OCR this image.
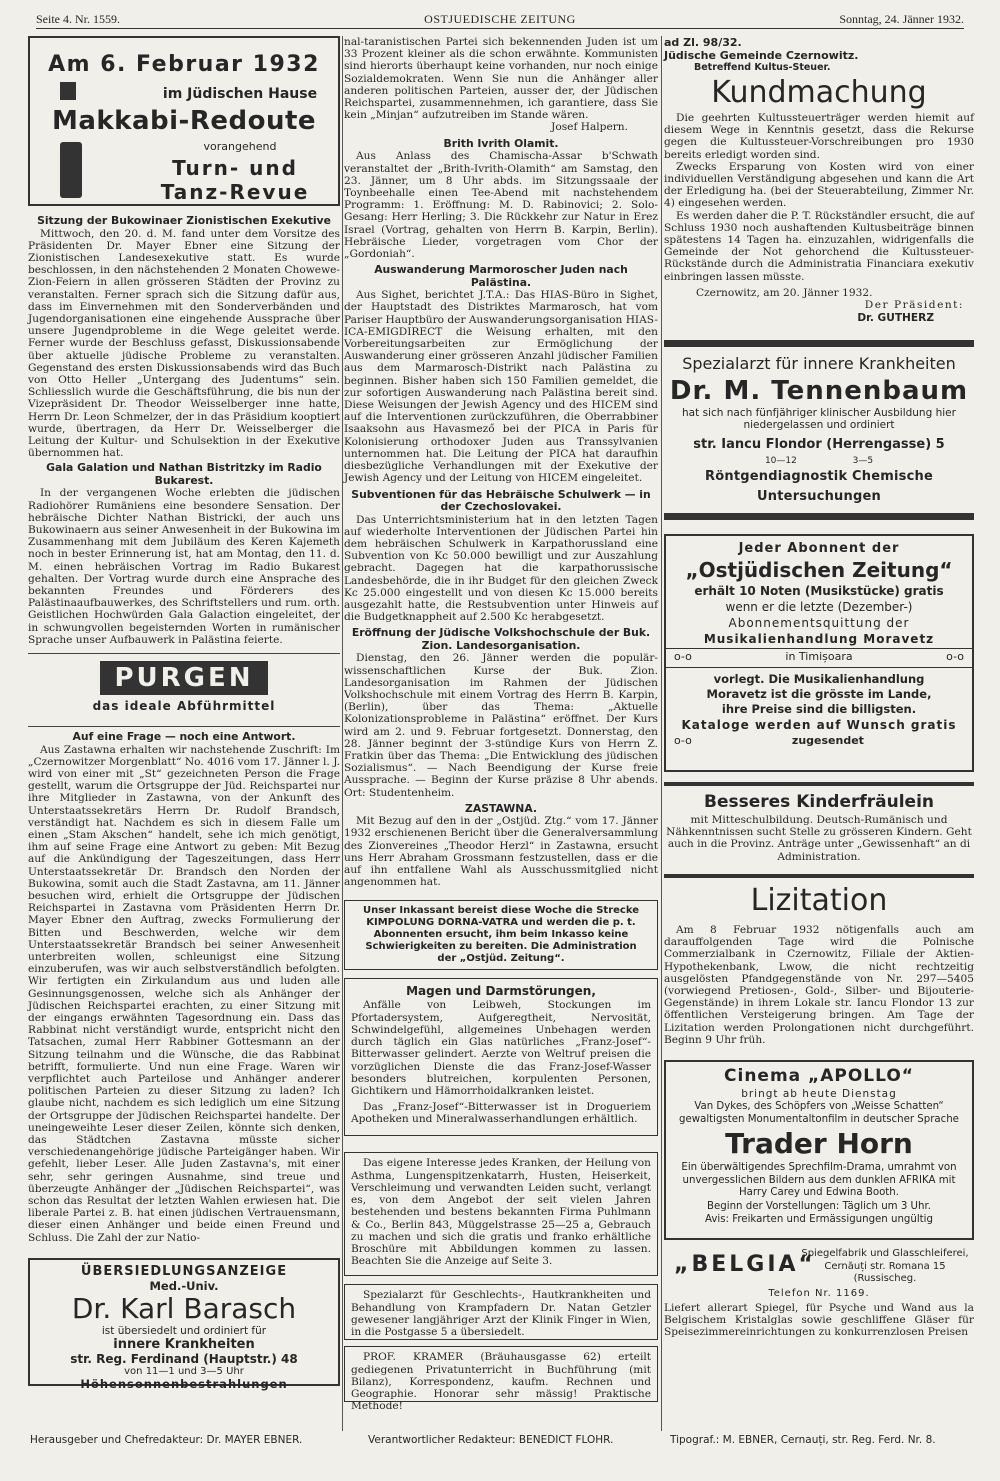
Seite 4. Nr. 1559.	OSTJUEDISCHE ZEITUNG	Sonntag, 24. Jänner 1932.
Am 6. Februar 1932
im Jüdischen Hause
Makkabi-Redoute
vorangehend
Turn- und
Tanz-Revue

Sitzung der Bukowinaer Zionistischen Exekutive

Mittwoch, den 20. d. M. fand unter dem Vorsitze des Präsidenten Dr. Mayer Ebner eine Sitzung der Zionistischen Landesexekutive statt. Es wurde beschlossen, in den nächstehenden 2 Monaten Chowewe-Zion-Feiern in allen grösseren Städten der Provinz zu veranstalten. Ferner sprach sich die Sitzung dafür aus, dass im Einvernehmen mit den Sonderverbänden und Jugendorganisationen eine eingehende Aussprache über unsere Jugendprobleme in die Wege geleitet werde. Ferner wurde der Beschluss gefasst, Diskussionsabende über aktuelle jüdische Probleme zu veranstalten. Gegenstand des ersten Diskussionsabends wird das Buch von Otto Heller „Untergang des Judentums“ sein. Schliesslich wurde die Geschäftsführung, die bis nun der Vizepräsident Dr. Theodor Weisselberger inne hatte, Herrn Dr. Leon Schmelzer, der in das Präsidium kooptiert wurde, übertragen, da Herr Dr. Weisselberger die Leitung der Kultur- und Schulsektion in der Exekutive übernommen hat.

Gala Galation und Nathan Bistritzky im Radio Bukarest.

In der vergangenen Woche erlebten die jüdischen Radiohörer Rumäniens eine besondere Sensation. Der hebräische Dichter Nathan Bistricki, der auch uns Bukowinaern aus seiner Anwesenheit in der Bukowina im Zusammenhang mit dem Jubiläum des Keren Kajemeth noch in bester Erinnerung ist, hat am Montag, den 11. d. M. einen hebräischen Vortrag im Radio Bukarest gehalten. Der Vortrag wurde durch eine Ansprache des bekannten Freundes und Förderers des Palästinaaufbauwerkes, des Schriftstellers und rum. orth. Geistlichen Hochwürden Gala Galaction eingeleitet, der in schwungvollen begeisternden Worten in rumänischer Sprache unser Aufbauwerk in Palästina feierte.

PURGEN
das ideale Abführmittel

Auf eine Frage — noch eine Antwort.

Aus Zastawna erhalten wir nachstehende Zuschrift: Im „Czernowitzer Morgenblatt“ No. 4016 vom 17. Jänner l. J. wird von einer mit „St“ gezeichneten Person die Frage gestellt, warum die Ortsgruppe der Jüd. Reichspartei nur ihre Mitglieder in Zastawna, von der Ankunft des Unterstaatssekretärs Herrn Dr. Rudolf Brandsch, verständigt hat. Nachdem es sich in diesem Falle um einen „Stam Akschen“ handelt, sehe ich mich genötigt, ihm auf seine Frage eine Antwort zu geben: Mit Bezug auf die Ankündigung der Tageszeitungen, dass Herr Unterstaatssekretär Dr. Brandsch den Norden der Bukowina, somit auch die Stadt Zastavna, am 11. Jänner besuchen wird, erhielt die Ortsgruppe der Jüdischen Reichspartei in Zastavna vom Präsidenten Herrn Dr. Mayer Ebner den Auftrag, zwecks Formulierung der Bitten und Beschwerden, welche wir dem Unterstaatssekretär Brandsch bei seiner Anwesenheit unterbreiten wollen, schleunigst eine Sitzung einzuberufen, was wir auch selbstverständlich befolgten. Wir fertigten ein Zirkulandum aus und luden alle Gesinnungsgenossen, welche sich als Anhänger der Jüdischen Reichspartei erachten, zu einer Sitzung mit der eingangs erwähnten Tagesordnung ein. Dass das Rabbinat nicht verständigt wurde, entspricht nicht den Tatsachen, zumal Herr Rabbiner Gottesmann an der Sitzung teilnahm und die Wünsche, die das Rabbinat betrifft, formulierte. Und nun eine Frage. Waren wir verpflichtet auch Parteilose und Anhänger anderer politischen Parteien zu dieser Sitzung zu laden? Ich glaube nicht, nachdem es sich lediglich um eine Sitzung der Ortsgruppe der Jüdischen Reichspartei handelte. Der uneingeweihte Leser dieser Zeilen, könnte sich denken, das Städtchen Zastavna müsste sicher verschiedenangehörige jüdische Parteigänger haben. Wir gefehlt, lieber Leser. Alle Juden Zastavna's, mit einer sehr, sehr geringen Ausnahme, sind treue und überzeugte Anhänger der „Jüdischen Reichspartei“, was schon das Resultat der letzten Wahlen erwiesen hat. Die liberale Partei z. B. hat einen jüdischen Vertrauensmann, dieser einen Anhänger und beide einen Freund und Schluss. Die Zahl der zur Natio-

ÜBERSIEDLUNGSANZEIGE
Med.-Univ.
Dr. Karl Barasch
ist übersiedelt und ordiniert für
innere Krankheiten
str. Reg. Ferdinand (Hauptstr.) 48
von 11—1 und 3—5 Uhr
Höhensonnenbestrahlungen

nal-taranistischen Partei sich bekennenden Juden ist um 33 Prozent kleiner als die schon erwähnte. Kommunisten sind hierorts überhaupt keine vorhanden, nur noch einige Sozialdemokraten. Wenn Sie nun die Anhänger aller anderen politischen Parteien, ausser der, der Jüdischen Reichspartei, zusammennehmen, ich garantiere, dass Sie kein „Minjan“ aufzutreiben im Stande wären.

Josef Halpern.

Brith Ivrith Olamit.

Aus Anlass des Chamischa-Assar b'Schwath veranstaltet der „Brith-Ivrith-Olamith“ am Samstag, den 23. Jänner, um 8 Uhr abds. im Sitzungssaale der Toynbeehalle einen Tee-Abend mit nachstehendem Programm: 1. Eröffnung: M. D. Rabinovici; 2. Solo-Gesang: Herr Herling; 3. Die Rückkehr zur Natur in Erez Israel (Vortrag, gehalten von Herrn B. Karpin, Berlin). Hebräische Lieder, vorgetragen vom Chor der „Gordoniah“.

Auswanderung Marmoroscher Juden nach Palästina.

Aus Sighet, berichtet J.T.A.: Das HIAS-Büro in Sighet, der Hauptstadt des Distriktes Marmarosch, hat vom Pariser Hauptbüro der Auswanderungsorganisation HIAS-ICA-EMIGDIRECT die Weisung erhalten, mit den Vorbereitungsarbeiten zur Ermöglichung der Auswanderung einer grösseren Anzahl jüdischer Familien aus dem Marmarosch-Distrikt nach Palästina zu beginnen. Bisher haben sich 150 Familien gemeldet, die zur sofortigen Auswanderung nach Palästina bereit sind. Diese Weisungen der Jewish Agency und des HICEM sind auf die Interventionen zurückzuführen, die Oberrabbiner Isaaksohn aus Havasmező bei der PICA in Paris für Kolonisierung orthodoxer Juden aus Transsylvanien unternommen hat. Die Leitung der PICA hat daraufhin diesbezügliche Verhandlungen mit der Exekutive der Jewish Agency und der Leitung von HICEM eingeleitet.

Subventionen für das Hebräische Schulwerk — in der Czechoslovakei.

Das Unterrichtsministerium hat in den letzten Tagen auf wiederholte Interventionen der Jüdischen Partei hin dem hebräischen Schulwerk in Karpathorussland eine Subvention von Kc 50.000 bewilligt und zur Auszahlung gebracht. Dagegen hat die karpathorussische Landesbehörde, die in ihr Budget für den gleichen Zweck Kc 25.000 eingestellt und von diesen Kc 15.000 bereits ausgezahlt hatte, die Restsubvention unter Hinweis auf die Budgetknappheit auf 2.500 Kc herabgesetzt.

Eröffnung der Jüdische Volkshochschule der Buk. Zion. Landesorganisation.

Dienstag, den 26. Jänner werden die populär-wissenschaftlichen Kurse der Buk. Zion. Landesorganisation im Rahmen der Jüdischen Volkshochschule mit einem Vortrag des Herrn B. Karpin, (Berlin), über das Thema: „Aktuelle Kolonizationsprobleme in Palästina“ eröffnet. Der Kurs wird am 2. und 9. Februar fortgesetzt. Donnerstag, den 28. Jänner beginnt der 3-stündige Kurs von Herrn Z. Fratkin über das Thema: „Die Entwicklung des jüdischen Sozialismus“. — Nach Beendigung der Kurse freie Aussprache. — Beginn der Kurse präzise 8 Uhr abends. Ort: Studentenheim.

ZASTAWNA.

Mit Bezug auf den in der „Ostjüd. Ztg.“ vom 17. Jänner 1932 erschienenen Bericht über die Generalversammlung des Zionvereines „Theodor Herzl“ in Zastawna, ersucht uns Herr Abraham Grossmann festzustellen, dass er die auf ihn entfallene Wahl als Ausschussmitglied nicht angenommen hat.

Unser Inkassant bereist diese Woche die Strecke KIMPOLUNG DORNA-VATRA und werden die p. t. Abonnenten ersucht, ihm beim Inkasso keine Schwierigkeiten zu bereiten. Die Administration der „Ostjüd. Zeitung“.

Magen und Darmstörungen,

Anfälle von Leibweh, Stockungen im Pfortadersystem, Aufgeregtheit, Nervosität, Schwindelgefühl, allgemeines Unbehagen werden durch täglich ein Glas natürliches „Franz-Josef“-Bitterwasser gelindert. Aerzte von Weltruf preisen die vorzüglichen Dienste die das Franz-Josef-Wasser besonders blutreichen, korpulenten Personen, Gichtikern und Hämorrhoidalkranken leistet.

Das „Franz-Josef“-Bitterwasser ist in Drogueriem Apotheken und Mineralwasserhandlungen erhältlich.

Das eigene Interesse jedes Kranken, der Heilung von Asthma, Lungenspitzenkatarrh, Husten, Heiserkeit, Verschleimung und verwandten Leiden sucht, verlangt es, von dem Angebot der seit vielen Jahren bestehenden und bestens bekannten Firma Puhlmann & Co., Berlin 843, Müggelstrasse 25—25 a, Gebrauch zu machen und sich die gratis und franko erhältliche Broschüre mit Abbildungen kommen zu lassen. Beachten Sie die Anzeige auf Seite 3.

Spezialarzt für Geschlechts-, Hautkrankheiten und Behandlung von Krampfadern Dr. Natan Getzler gewesener langjähriger Arzt der Klinik Finger in Wien, in die Postgasse 5 a übersiedelt.

PROF. KRAMER (Bräuhausgasse 62) erteilt gediegenen Privatunterricht in Buchführung (mit Bilanz), Korrespondenz, kaufm. Rechnen und Geographie. Honorar sehr mässig! Praktische Methode!

ad Zl. 98/32.

Jüdische Gemeinde Czernowitz.

Betreffend Kultus-Steuer.

Kundmachung

Die geehrten Kultussteuerträger werden hiemit auf diesem Wege in Kenntnis gesetzt, dass die Rekurse gegen die Kultussteuer-Vorschreibungen pro 1930 bereits erledigt worden sind.

Zwecks Ersparung von Kosten wird von einer individuellen Verständigung abgesehen und kann die Art der Erledigung ha. (bei der Steuerabteilung, Zimmer Nr. 4) eingesehen werden.

Es werden daher die P. T. Rückständler ersucht, die auf Schluss 1930 noch aushaftenden Kultusbeiträge binnen spätestens 14 Tagen ha. einzuzahlen, widrigenfalls die Gemeinde der Not gehorchend die Kultussteuer-Rückstände durch die Administratia Financiara exekutiv einbringen lassen müsste.

Czernowitz, am 20. Jänner 1932.

Der Präsident:

Dr. GUTHERZ

Spezialarzt für innere Krankheiten
Dr. M. Tennenbaum
hat sich nach fünfjähriger klinischer Ausbildung hier niedergelassen und ordiniert
str. Iancu Flondor (Herrengasse) 5
10—12	3—5
Röntgendiagnostik Chemische Untersuchungen
Jeder Abonnent der
„Ostjüdischen Zeitung“
erhält 10 Noten (Musikstücke) gratis
wenn er die letzte (Dezember-)
Abonnementsquittung der
Musikalienhandlung Moravetz
o-o	in Timișoara	o-o
vorlegt. Die Musikalienhandlung Moravetz ist die grösste im Lande, ihre Preise sind die billigsten.
Kataloge werden auf Wunsch gratis
o-o	zugesendet
Besseres Kinderfräulein

mit Mitteschulbildung. Deutsch-Rumänisch und Nähkenntnissen sucht Stelle zu grösseren Kindern. Geht auch in die Provinz. Anträge unter „Gewissenhaft“ an di Administration.

Lizitation

Am 8 Februar 1932 nötigenfalls auch am darauffolgenden Tage wird die Polnische Commerzialbank in Czernowitz, Filiale der Aktien-Hypothekenbank, Lwow, die nicht rechtzeitig ausgelösten Pfandgegenstände von Nr. 297—5405 (vorwiegend Pretiosen-, Gold-, Silber- und Bijouterie-Gegenstände) in ihrem Lokale str. Iancu Flondor 13 zur öffentlichen Versteigerung bringen. Am Tage der Lizitation werden Prolongationen nicht durchgeführt. Beginn 9 Uhr früh.

Cinema „APOLLO“
bringt ab heute Dienstag
Van Dykes, des Schöpfers von „Weisse Schatten“ gewaltigsten Monumentaltonfilm in deutscher Sprache
Trader Horn
Ein überwältigendes Sprechfilm-Drama, umrahmt von unvergesslichen Bildern aus dem dunklen AFRIKA mit Harry Carey und Edwina Booth.
Beginn der Vorstellungen: Täglich um 3 Uhr.
Avis: Freikarten und Ermässigungen ungültig
„BELGIA“
Spiegelfabrik und Glasschleiferei, Cernăuți str. Romana 15 (Russischeg.
Telefon Nr. 1169.

Liefert allerart Spiegel, für Psyche und Wand aus la Belgischem Kristalglas sowie geschliffene Gläser für Speisezimmereinrichtungen zu konkurrenzlosen Preisen

Herausgeber und Chefredakteur: Dr. MAYER EBNER.	Verantwortlicher Redakteur: BENEDICT FLOHR.	Tipograf.: M. EBNER, Cernauți, str. Reg. Ferd. Nr. 8.
